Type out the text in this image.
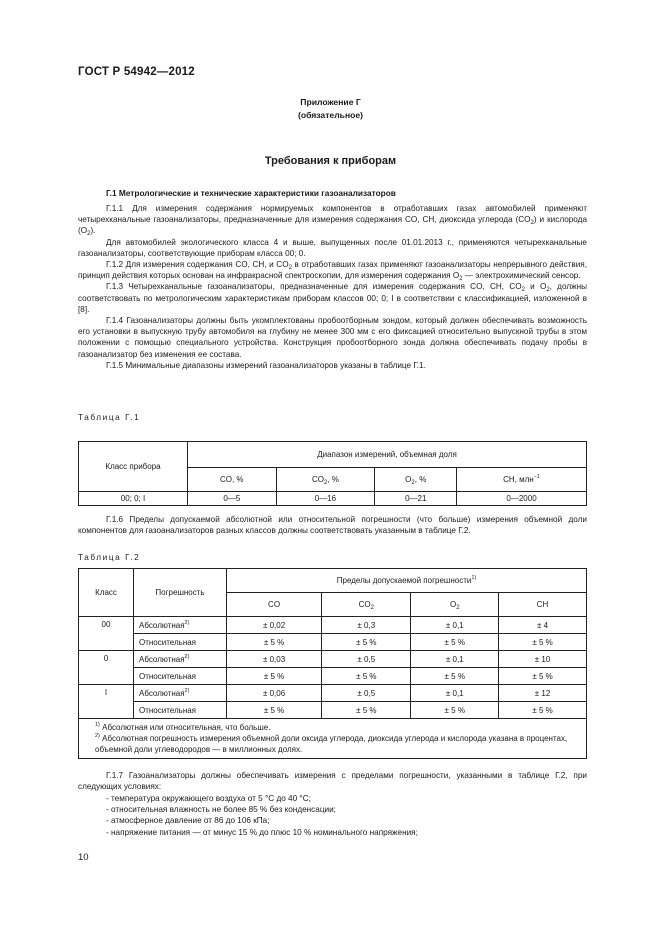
ГОСТ Р 54942—2012
Приложение Г
(обязательное)
Требования к приборам
Г.1 Метрологические и технические характеристики газоанализаторов

Г.1.1 Для измерения содержания нормируемых компонентов в отработавших газах автомобилей применяют четырехканальные газоанализаторы, предназначенные для измерения содержания CO, CH, диоксида углерода $(CO_2)$ и кислорода $(O_2)$.

Для автомобилей экологического класса 4 и выше, выпущенных после 01.01.2013 г., применяются четырехканальные газоанализаторы, соответствующие приборам класса 00; 0.

Г.1.2 Для измерения содержания CO, CH, и $CO_2$ в отработавших газах применяют газоанализаторы непрерывного действия, принцип действия которых основан на инфракрасной спектроскопии, для измерения содержания $O_2$ — электрохимический сенсор.

Г.1.3 Четырехканальные газоанализаторы, предназначенные для измерения содержания CO, CH, $CO_2$ и $O_2$, должны соответствовать по метрологическим характеристикам приборам классов 00; 0; I в соответствии с классификацией, изложенной в [8].

Г.1.4 Газоанализаторы должны быть укомплектованы пробоотборным зондом, который должен обеспечивать возможность его установки в выпускную трубу автомобиля на глубину не менее 300 мм с его фиксацией относительно выпускной трубы в этом положении с помощью специального устройства. Конструкция пробоотборного зонда должна обеспечивать подачу пробы в газоанализатор без изменения ее состава.

Г.1.5 Минимальные диапазоны измерений газоанализаторов указаны в таблице Г.1.

Таблица Г.1
Класс прибора	Диапазон измерений, объемная доля			
	CO, %	$CO_2$, %	$O_2$, %	CH, млн$^{-1}$
00; 0; I	0—5	0—16	0—21	0—2000

Г.1.6 Пределы допускаемой абсолютной или относительной погрешности (что больше) измерения объемной доли компонентов для газоанализаторов разных классов должны соответствовать указанным в таблице Г.2.

Таблица Г.2
Класс	Погрешность	Пределы допускаемой погрешности$^{1)}$
		CO	$CO_2$	$O_2$	CH
00	Абсолютная$^{2)}$	± 0,02	± 0,3	± 0,1	± 4
	Относительная	± 5 %	± 5 %	± 5 %	± 5 %
0	Абсолютная$^{2)}$	± 0,03	± 0,5	± 0,1	± 10
	Относительная	± 5 %	± 5 %	± 5 %	± 5 %
I	Абсолютная$^{2)}$	± 0,06	± 0,5	± 0,1	± 12
	Относительная	± 5 %	± 5 %	± 5 %	± 5 %

$^{1)}$ Абсолютная или относительная, что больше.
$^{2)}$ Абсолютная погрешность измерения объемной доли оксида углерода, диоксида углерода и кислорода указана в процентах, объемной доли углеводородов — в миллионных долях.					

Г.1.7 Газоанализаторы должны обеспечивать измерения с пределами погрешности, указанными в таблице Г.2, при следующих условиях:

- температура окружающего воздуха от 5 °C до 40 °C;
- относительная влажность не более 85 % без конденсации;
- атмосферное давление от 86 до 106 кПа;
- напряжение питания — от минус 15 % до плюс 10 % номинального напряжения;
10
